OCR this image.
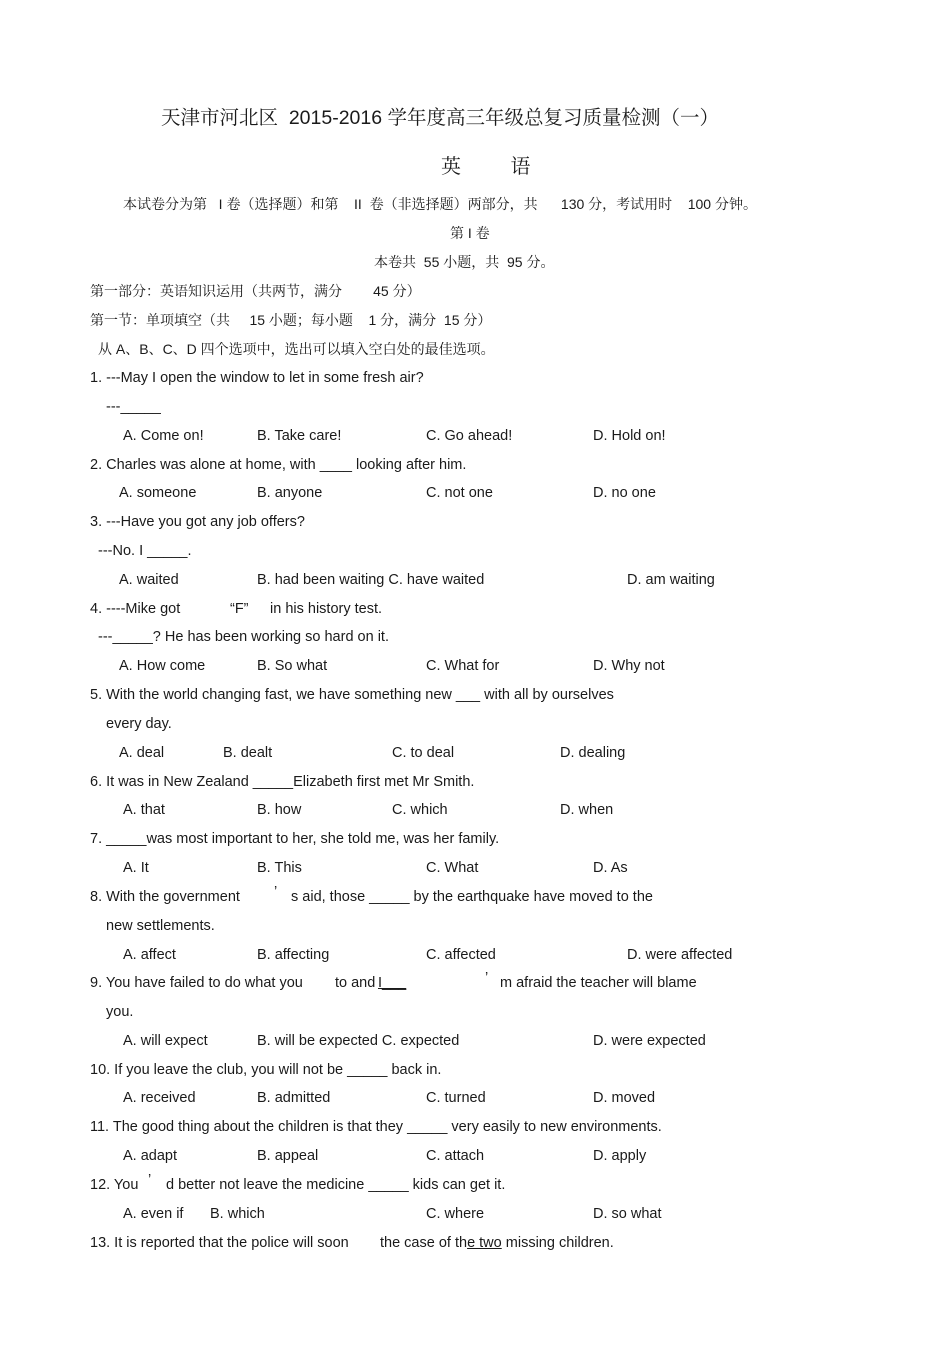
天津市河北区  2015-2016 学年度高三年级总复习质量检测（一）
英 语
本试卷分为第   I 卷（选择题）和第    II  卷（非选择题）两部分，共      130 分，考试用时    100 分钟。
第 I 卷
本卷共  55 小题，共  95 分。
第一部分：英语知识运用（共两节，满分        45 分）
第一节：单项填空（共     15 小题；每小题    1 分，满分  15 分）
从 A、B、C、D 四个选项中，选出可以填入空白处的最佳选项。
1. ---May I open the window to let in some fresh air?
---_____
A. Come on!	B. Take care!	C. Go ahead!	D. Hold on!
2. Charles was alone at home, with ____ looking after him.
A. someone	B. anyone	C. not one	D. no one
3. ---Have you got any job offers?
---No. I _____.
A. waited	B. had been waiting C. have waited	D. am waiting
4. ----Mike got	“F” in his history test.
---_____? He has been working so hard on it.
A. How come	B. So what	C. What for	D. Why not
5. With the world changing fast, we have something new ___ with all by ourselves
every day.
A. deal	B. dealt	C. to deal	D. dealing
6. It was in New Zealand _____Elizabeth first met Mr Smith.
A. that	B. how	C. which	D. when
7. _____was most important to her, she told me, was her family.
A. It	B. This	C. What	D. As
8. With the government ’ s aid, those _____ by the earthquake have moved to the
new settlements.
A. affect	B. affecting	C. affected	D. were affected
9. You have failed to do what you to and I___	’ m afraid the teacher will blame
you.
A. will expect	B. will be expected C. expected	D. were expected
10. If you leave the club, you will not be _____ back in.
A. received	B. admitted	C. turned	D. moved
11. The good thing about the children is that they _____ very easily to new environments.
A. adapt	B. appeal	C. attach	D. apply
12. You ’ d better not leave the medicine _____ kids can get it.
A. even if B. which	C. where	D. so what
13. It is reported that the police will soon the case of the two missing children.
